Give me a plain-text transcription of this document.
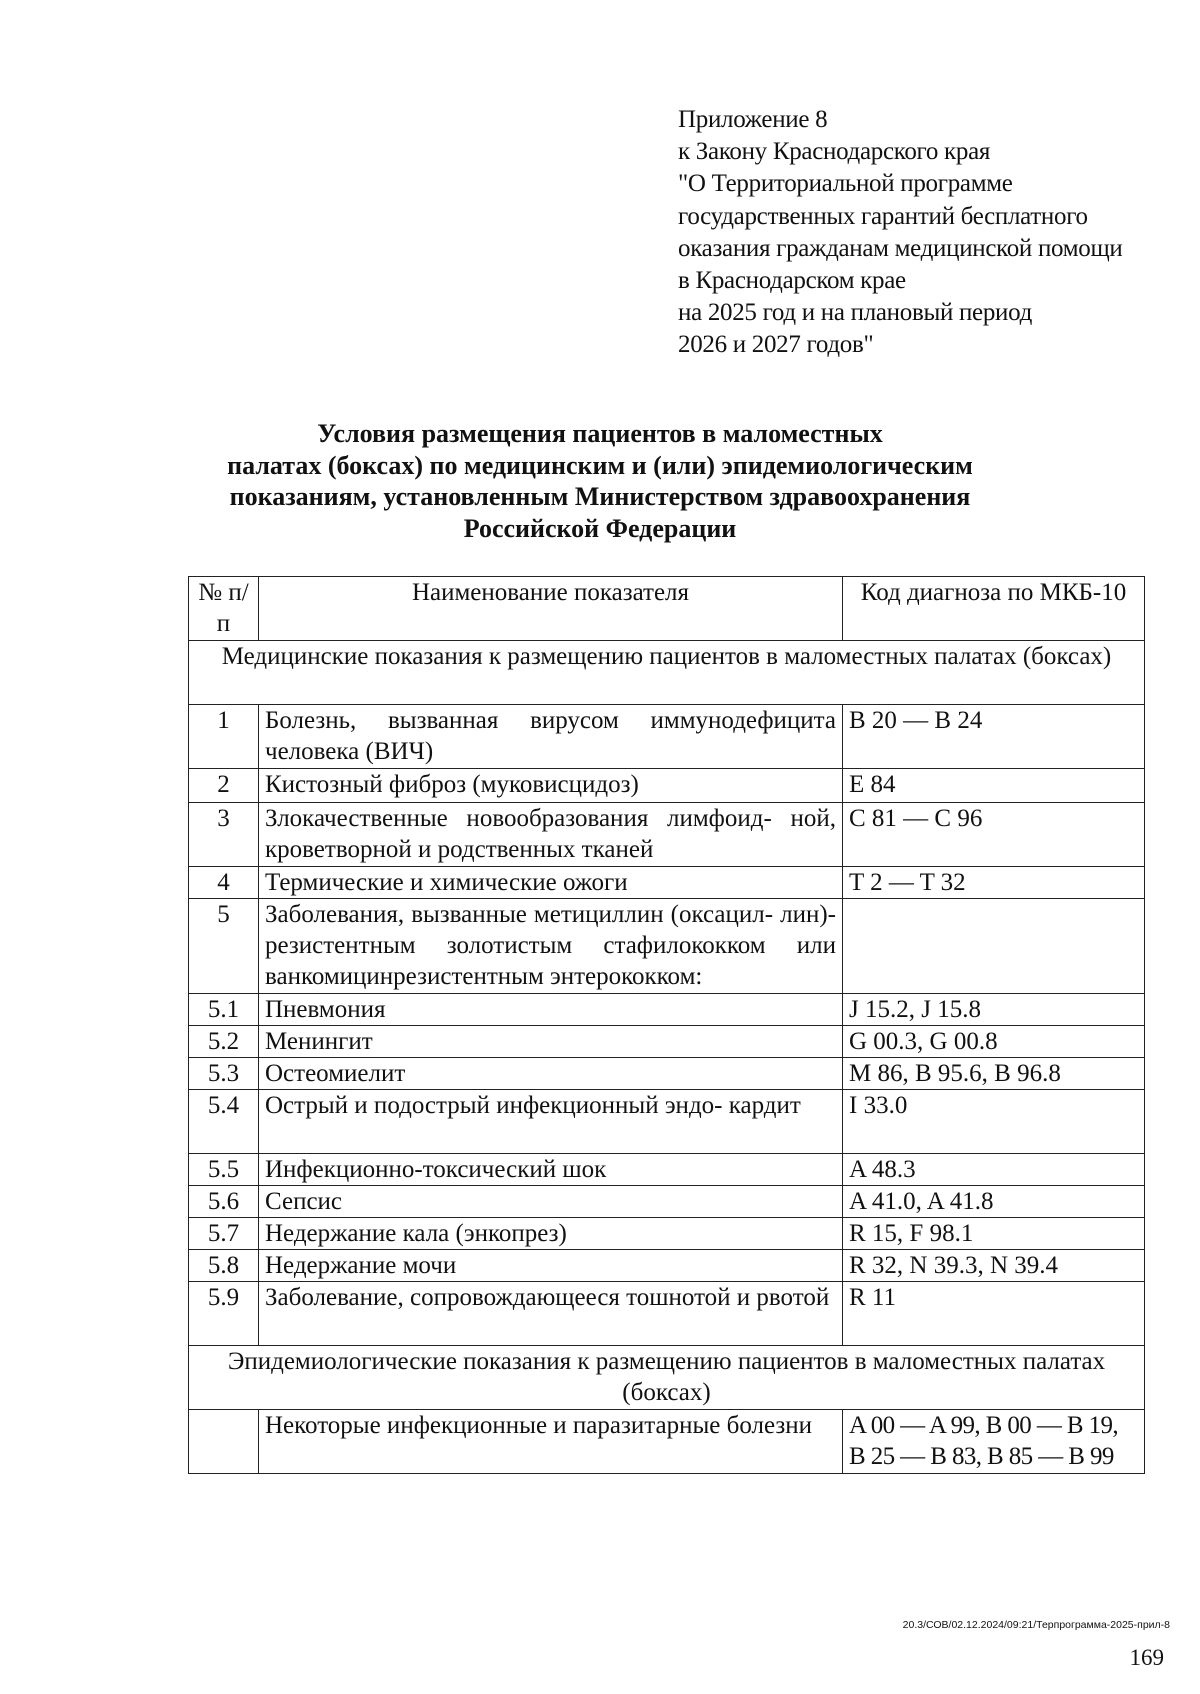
Приложение 8
к Закону Краснодарского края
"О Территориальной программе
государственных гарантий бесплатного
оказания гражданам медицинской помощи
в Краснодарском крае
на 2025 год и на плановый период
2026 и 2027 годов"
Условия размещения пациентов в маломестных
палатах (боксах) по медицинским и (или) эпидемиологическим
показаниям, установленным Министерством здравоохранения
Российской Федерации
№ п/п	Наименование показателя	Код диагноза по МКБ-10
Медицинские показания к размещению пациентов в маломестных палатах (боксах)		
1	Болезнь, вызванная вирусом иммунодефицита человека (ВИЧ)	B 20 — B 24
2	Кистозный фиброз (муковисцидоз)	E 84
3	Злокачественные новообразования лимфоид- ной, кроветворной и родственных тканей	C 81 — C 96
4	Термические и химические ожоги	T 2 — T 32
5	Заболевания, вызванные метициллин (оксацил- лин)-резистентным золотистым стафилококком или ванкомицинрезистентным энтерококком:	
5.1	Пневмония	J 15.2, J 15.8
5.2	Менингит	G 00.3, G 00.8
5.3	Остеомиелит	M 86, B 95.6, B 96.8
5.4	Острый и подострый инфекционный эндо- кардит	I 33.0
5.5	Инфекционно-токсический шок	A 48.3
5.6	Сепсис	A 41.0, A 41.8
5.7	Недержание кала (энкопрез)	R 15, F 98.1
5.8	Недержание мочи	R 32, N 39.3, N 39.4
5.9	Заболевание, сопровождающееся тошнотой и рвотой	R 11
Эпидемиологические показания к размещению пациентов в маломестных палатах (боксах)		
	Некоторые инфекционные и паразитарные болезни	A 00 — A 99, B 00 — B 19,
B 25 — B 83, B 85 — B 99
20.3/СОВ/02.12.2024/09:21/Терпрограмма-2025-прил-8
169
